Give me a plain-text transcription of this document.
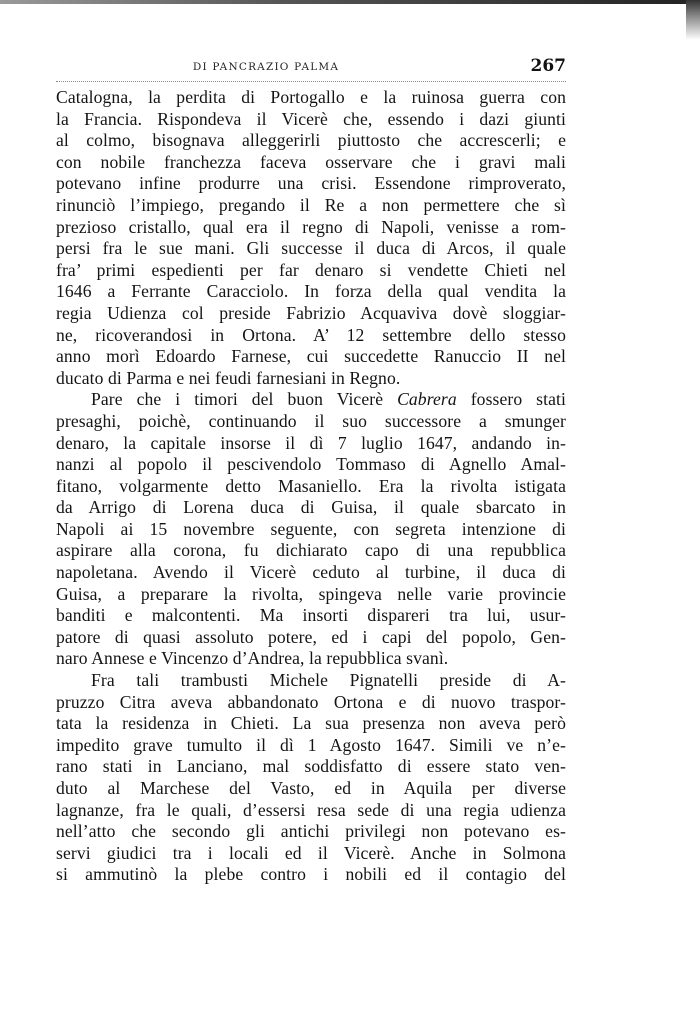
DI PANCRAZIO PALMA	267
Catalogna, la perdita di Portogallo e la ruinosa guerra con
la Francia. Rispondeva il Vicerè che, essendo i dazi giunti
al colmo, bisognava alleggerirli piuttosto che accrescerli; e
con nobile franchezza faceva osservare che i gravi mali
potevano infine produrre una crisi. Essendone rimproverato,
rinunciò l’impiego, pregando il Re a non permettere che sì
prezioso cristallo, qual era il regno di Napoli, venisse a rom-
persi fra le sue mani. Gli successe il duca di Arcos, il quale
fra’ primi espedienti per far denaro si vendette Chieti nel
1646 a Ferrante Caracciolo. In forza della qual vendita la
regia Udienza col preside Fabrizio Acquaviva dovè sloggiar-
ne, ricoverandosi in Ortona. A’ 12 settembre dello stesso
anno morì Edoardo Farnese, cui succedette Ranuccio II nel
ducato di Parma e nei feudi farnesiani in Regno.
Pare che i timori del buon Vicerè Cabrera fossero stati
presaghi, poichè, continuando il suo successore a smunger
denaro, la capitale insorse il dì 7 luglio 1647, andando in-
nanzi al popolo il pescivendolo Tommaso di Agnello Amal-
fitano, volgarmente detto Masaniello. Era la rivolta istigata
da Arrigo di Lorena duca di Guisa, il quale sbarcato in
Napoli ai 15 novembre seguente, con segreta intenzione di
aspirare alla corona, fu dichiarato capo di una repubblica
napoletana. Avendo il Vicerè ceduto al turbine, il duca di
Guisa, a preparare la rivolta, spingeva nelle varie provincie
banditi e malcontenti. Ma insorti dispareri tra lui, usur-
patore di quasi assoluto potere, ed i capi del popolo, Gen-
naro Annese e Vincenzo d’Andrea, la repubblica svanì.
Fra tali trambusti Michele Pignatelli preside di A-
pruzzo Citra aveva abbandonato Ortona e di nuovo traspor-
tata la residenza in Chieti. La sua presenza non aveva però
impedito grave tumulto il dì 1 Agosto 1647. Simili ve n’e-
rano stati in Lanciano, mal soddisfatto di essere stato ven-
duto al Marchese del Vasto, ed in Aquila per diverse
lagnanze, fra le quali, d’essersi resa sede di una regia udienza
nell’atto che secondo gli antichi privilegi non potevano es-
servi giudici tra i locali ed il Vicerè. Anche in Solmona
si ammutinò la plebe contro i nobili ed il contagio del
